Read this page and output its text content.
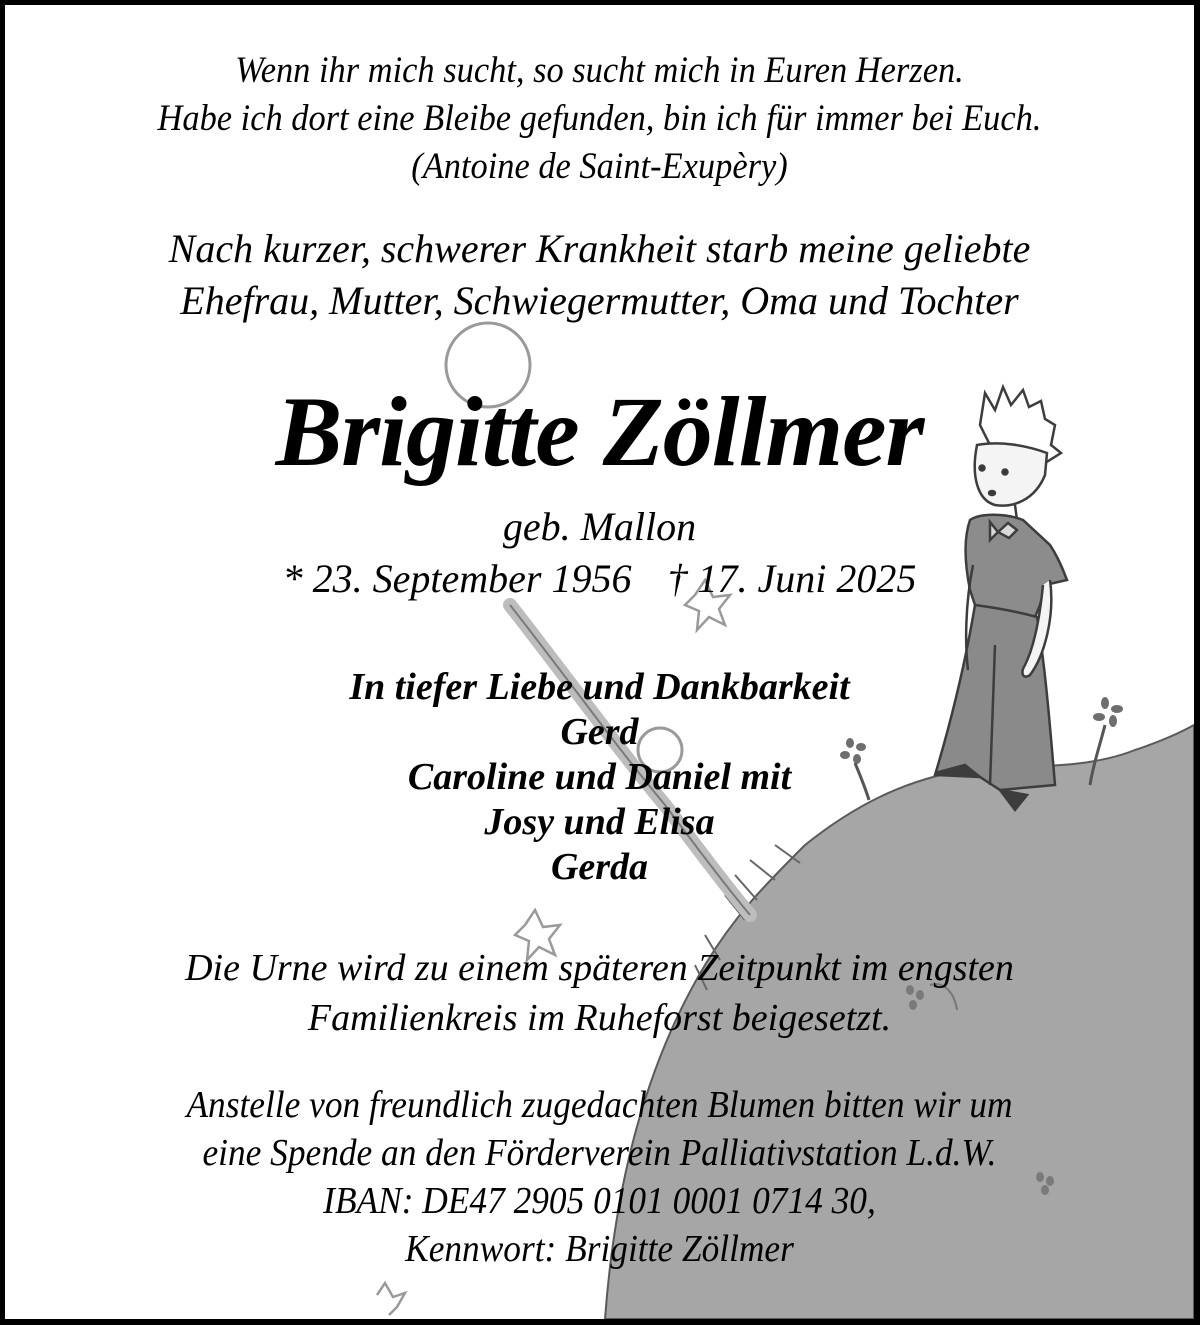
Wenn ihr mich sucht, so sucht mich in Euren Herzen.
Habe ich dort eine Bleibe gefunden, bin ich für immer bei Euch.
(Antoine de Saint-Exupèry)
Nach kurzer, schwerer Krankheit starb meine geliebte
Ehefrau, Mutter, Schwiegermutter, Oma und Tochter
Brigitte Zöllmer
geb. Mallon
* 23. September 1956 † 17. Juni 2025
In tiefer Liebe und Dankbarkeit
Gerd
Caroline und Daniel mit
Josy und Elisa
Gerda
Die Urne wird zu einem späteren Zeitpunkt im engsten
Familienkreis im Ruheforst beigesetzt.
Anstelle von freundlich zugedachten Blumen bitten wir um
eine Spende an den Förderverein Palliativstation L.d.W.
IBAN: DE47 2905 0101 0001 0714 30,
Kennwort: Brigitte Zöllmer
